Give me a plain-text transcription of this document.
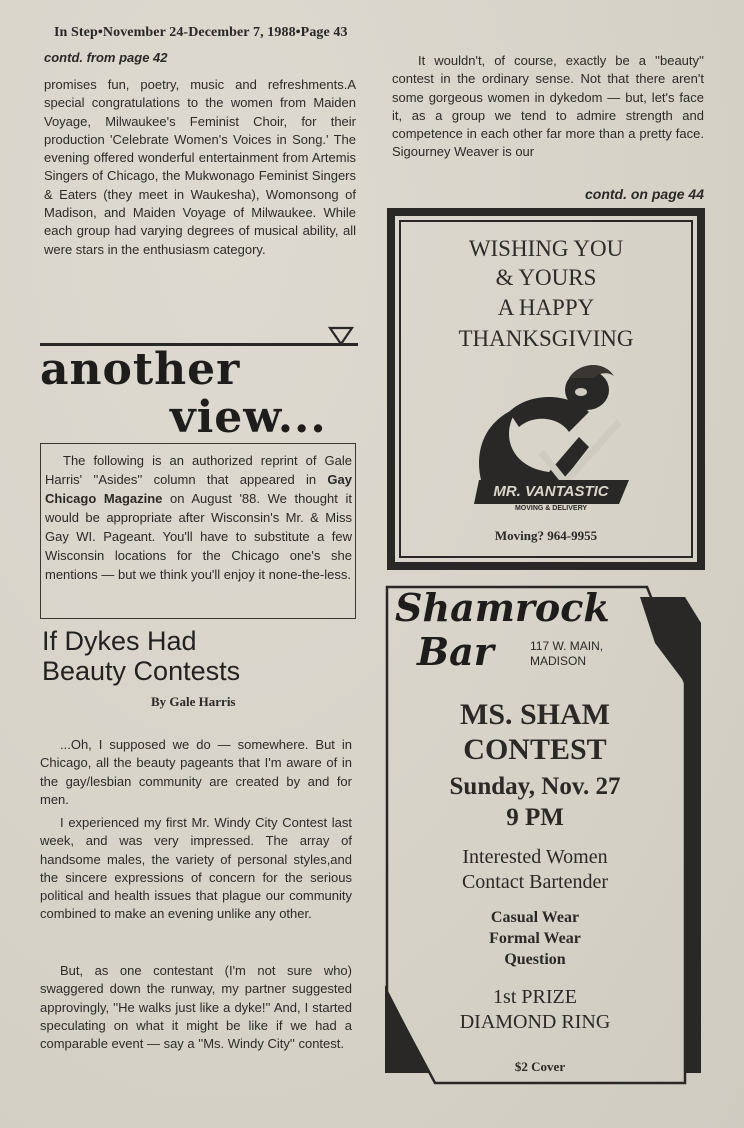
In Step•November 24-December 7, 1988•Page 43
contd. from page 42
promises fun, poetry, music and refreshments.A special congratulations to the women from Maiden Voyage, Milwaukee's Feminist Choir, for their production 'Celebrate Women's Voices in Song.' The evening offered wonderful entertainment from Artemis Singers of Chicago, the Mukwonago Feminist Singers & Eaters (they meet in Waukesha), Womonsong of Madison, and Maiden Voyage of Milwaukee. While each group had varying degrees of musical ability, all were stars in the enthusiasm category.
another
view...
The following is an authorized reprint of Gale Harris' ''Asides'' column that appeared in Gay Chicago Magazine on August '88. We thought it would be appropriate after Wisconsin's Mr. & Miss Gay WI. Pageant. You'll have to substitute a few Wisconsin locations for the Chicago one's she mentions — but we think you'll enjoy it none-the-less.
If Dykes Had
Beauty Contests
By Gale Harris
...Oh, I supposed we do — somewhere. But in Chicago, all the beauty pageants that I'm aware of in the gay/lesbian community are created by and for men.
I experienced my first Mr. Windy City Contest last week, and was very impressed. The array of handsome males, the variety of personal styles,and the sincere expressions of concern for the serious political and health issues that plague our community combined to make an evening unlike any other.
But, as one contestant (I'm not sure who) swaggered down the runway, my partner suggested approvingly, ''He walks just like a dyke!'' And, I started speculating on what it might be like if we had a comparable event — say a ''Ms. Windy City'' contest.
It wouldn't, of course, exactly be a ''beauty'' contest in the ordinary sense. Not that there aren't some gorgeous women in dykedom — but, let's face it, as a group we tend to admire strength and competence in each other far more than a pretty face. Sigourney Weaver is our
contd. on page 44
WISHING YOU
& YOURS
A HAPPY
THANKSGIVING
MR. VANTASTIC
MOVING & DELIVERY
Moving? 964-9955
Shamrock
Bar	117 W. MAIN,
MADISON
MS. SHAM
CONTEST
Sunday, Nov. 27
9 PM
Interested Women
Contact Bartender
Casual Wear
Formal Wear
Question
1st PRIZE
DIAMOND RING
$2 Cover
